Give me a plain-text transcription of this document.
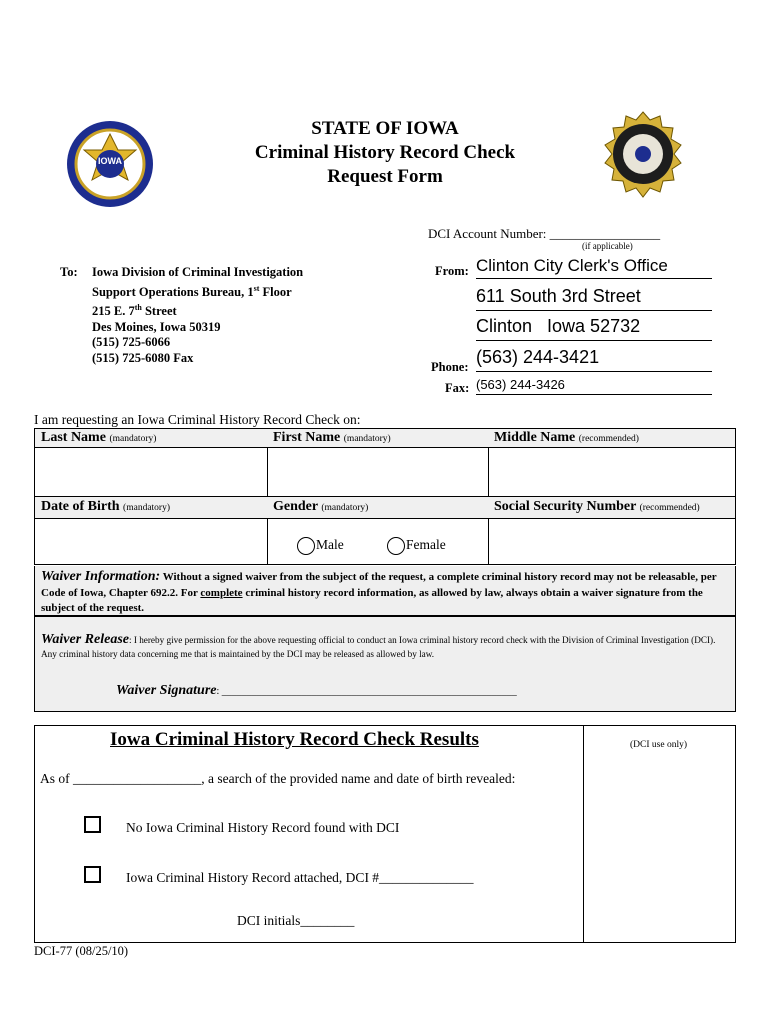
IOWA
STATE OF IOWA
Criminal History Record Check
Request Form
DCI Account Number: _________________
(if applicable)
To: Iowa Division of Criminal Investigation
Support Operations Bureau, 1st Floor
215 E. 7th Street
Des Moines, Iowa 50319
(515) 725-6066
(515) 725-6080 Fax
From: Clinton City Clerk's Office
611 South 3rd Street
Clinton   Iowa 52732
Phone: (563) 244-3421
Fax: (563) 244-3426
I am requesting an Iowa Criminal History Record Check on:
Last Name (mandatory)	First Name (mandatory)	Middle Name (recommended)
Date of Birth (mandatory)	Gender (mandatory)	Social Security Number (recommended)
Male	Female
Waiver Information: Without a signed waiver from the subject of the request, a complete criminal history record may not be releasable, per Code of Iowa, Chapter 692.2. For complete criminal history record information, as allowed by law, always obtain a waiver signature from the subject of the request.
Waiver Release: I hereby give permission for the above requesting official to conduct an Iowa criminal history record check with the Division of Criminal Investigation (DCI). Any criminal history data concerning me that is maintained by the DCI may be released as allowed by law.
Waiver Signature: ___________________________________________________________
Iowa Criminal History Record Check Results	(DCI use only)
As of ___________________, a search of the provided name and date of birth revealed:
No Iowa Criminal History Record found with DCI
Iowa Criminal History Record attached, DCI #______________
DCI initials________
DCI-77 (08/25/10)
